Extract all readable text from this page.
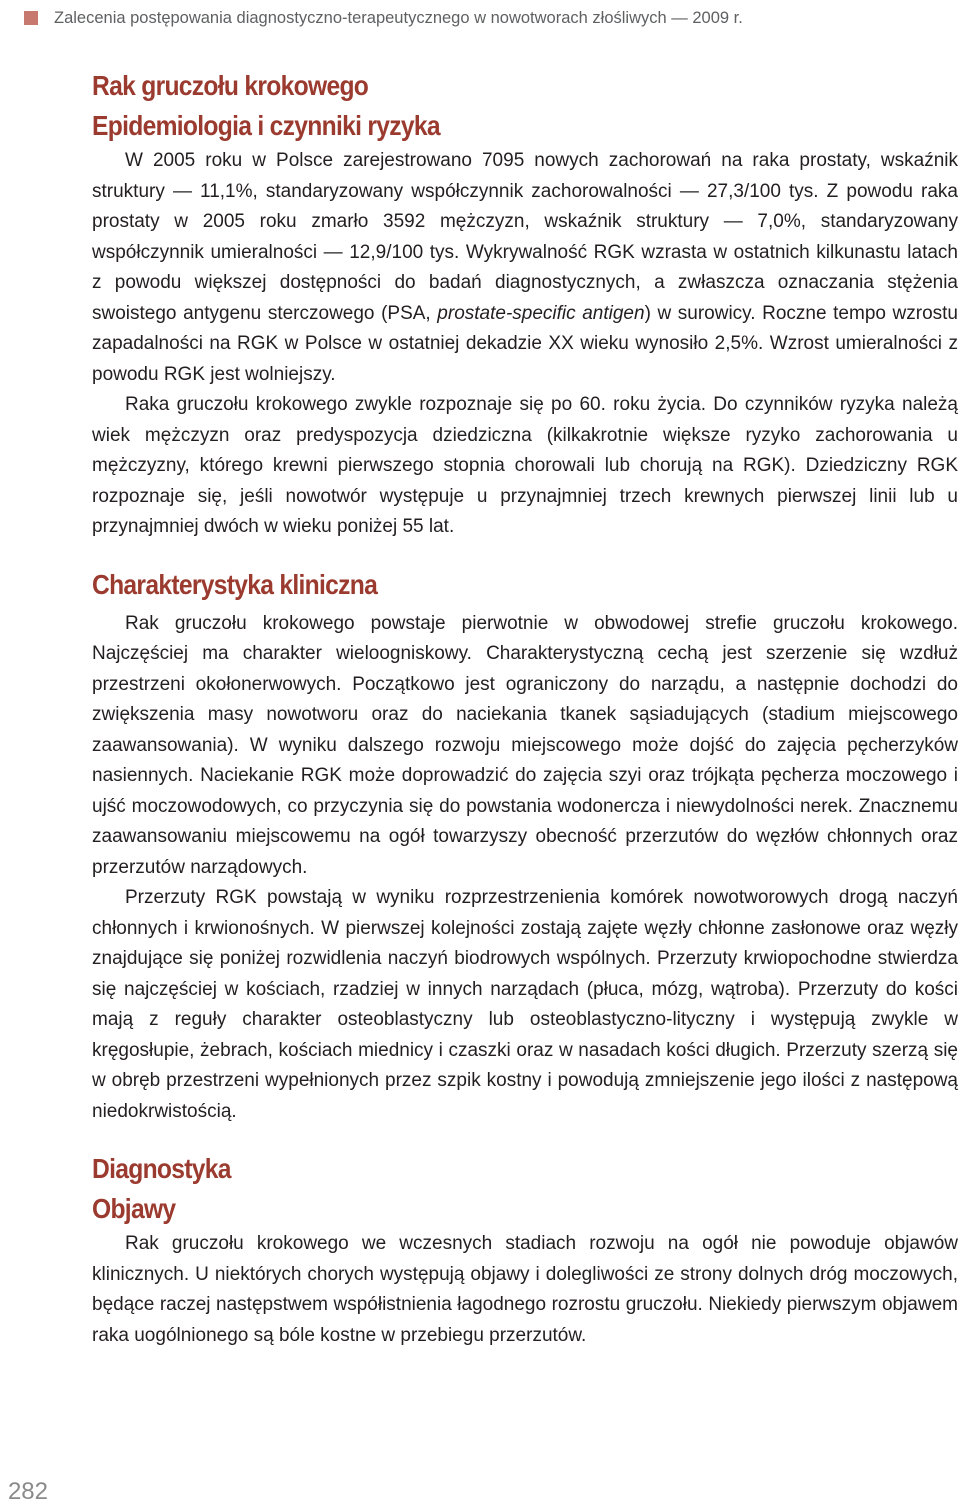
Zalecenia postępowania diagnostyczno-terapeutycznego w nowotworach złośliwych — 2009 r.
Rak gruczołu krokowego
Epidemiologia i czynniki ryzyka

W 2005 roku w Polsce zarejestrowano 7095 nowych zachorowań na raka prostaty, wskaźnik struktury — 11,1%, standaryzowany współczynnik zachorowalności — 27,3/100 tys. Z powodu raka prostaty w 2005 roku zmarło 3592 mężczyzn, wskaźnik struktury — 7,0%, standaryzowany współczynnik umieralności — 12,9/100 tys. Wykrywalność RGK wzrasta w ostatnich kilkunastu latach z powodu większej dostępności do badań diagnostycznych, a zwłaszcza oznaczania stężenia swoistego antygenu sterczowego (PSA, prostate-specific antigen) w surowicy. Roczne tempo wzrostu zapadalności na RGK w Polsce w ostatniej dekadzie XX wieku wynosiło 2,5%. Wzrost umieralności z powodu RGK jest wolniejszy.

Raka gruczołu krokowego zwykle rozpoznaje się po 60. roku życia. Do czynników ryzyka należą wiek mężczyzn oraz predyspozycja dziedziczna (kilkakrotnie większe ryzyko zachorowania u mężczyzny, którego krewni pierwszego stopnia chorowali lub chorują na RGK). Dziedziczny RGK rozpoznaje się, jeśli nowotwór występuje u przynajmniej trzech krewnych pierwszej linii lub u przynajmniej dwóch w wieku poniżej 55 lat.

Charakterystyka kliniczna

Rak gruczołu krokowego powstaje pierwotnie w obwodowej strefie gruczołu krokowego. Najczęściej ma charakter wieloogniskowy. Charakterystyczną cechą jest szerzenie się wzdłuż przestrzeni okołonerwowych. Początkowo jest ograniczony do narządu, a następnie dochodzi do zwiększenia masy nowotworu oraz do naciekania tkanek sąsiadujących (stadium miejscowego zaawansowania). W wyniku dalszego rozwoju miejscowego może dojść do zajęcia pęcherzyków nasiennych. Naciekanie RGK może doprowadzić do zajęcia szyi oraz trójkąta pęcherza moczowego i ujść moczowodowych, co przyczynia się do powstania wodonercza i niewydolności nerek. Znacznemu zaawansowaniu miejscowemu na ogół towarzyszy obecność przerzutów do węzłów chłonnych oraz przerzutów narządowych.

Przerzuty RGK powstają w wyniku rozprzestrzenienia komórek nowotworowych drogą naczyń chłonnych i krwionośnych. W pierwszej kolejności zostają zajęte węzły chłonne zasłonowe oraz węzły znajdujące się poniżej rozwidlenia naczyń biodrowych wspólnych. Przerzuty krwiopochodne stwierdza się najczęściej w kościach, rzadziej w innych narządach (płuca, mózg, wątroba). Przerzuty do kości mają z reguły charakter osteoblastyczny lub osteoblastyczno-lityczny i występują zwykle w kręgosłupie, żebrach, kościach miednicy i czaszki oraz w nasadach kości długich. Przerzuty szerzą się w obręb przestrzeni wypełnionych przez szpik kostny i powodują zmniejszenie jego ilości z następową niedokrwistością.

Diagnostyka
Objawy

Rak gruczołu krokowego we wczesnych stadiach rozwoju na ogół nie powoduje objawów klinicznych. U niektórych chorych występują objawy i dolegliwości ze strony dolnych dróg moczowych, będące raczej następstwem współistnienia łagodnego rozrostu gruczołu. Niekiedy pierwszym objawem raka uogólnionego są bóle kostne w przebiegu przerzutów.

282
